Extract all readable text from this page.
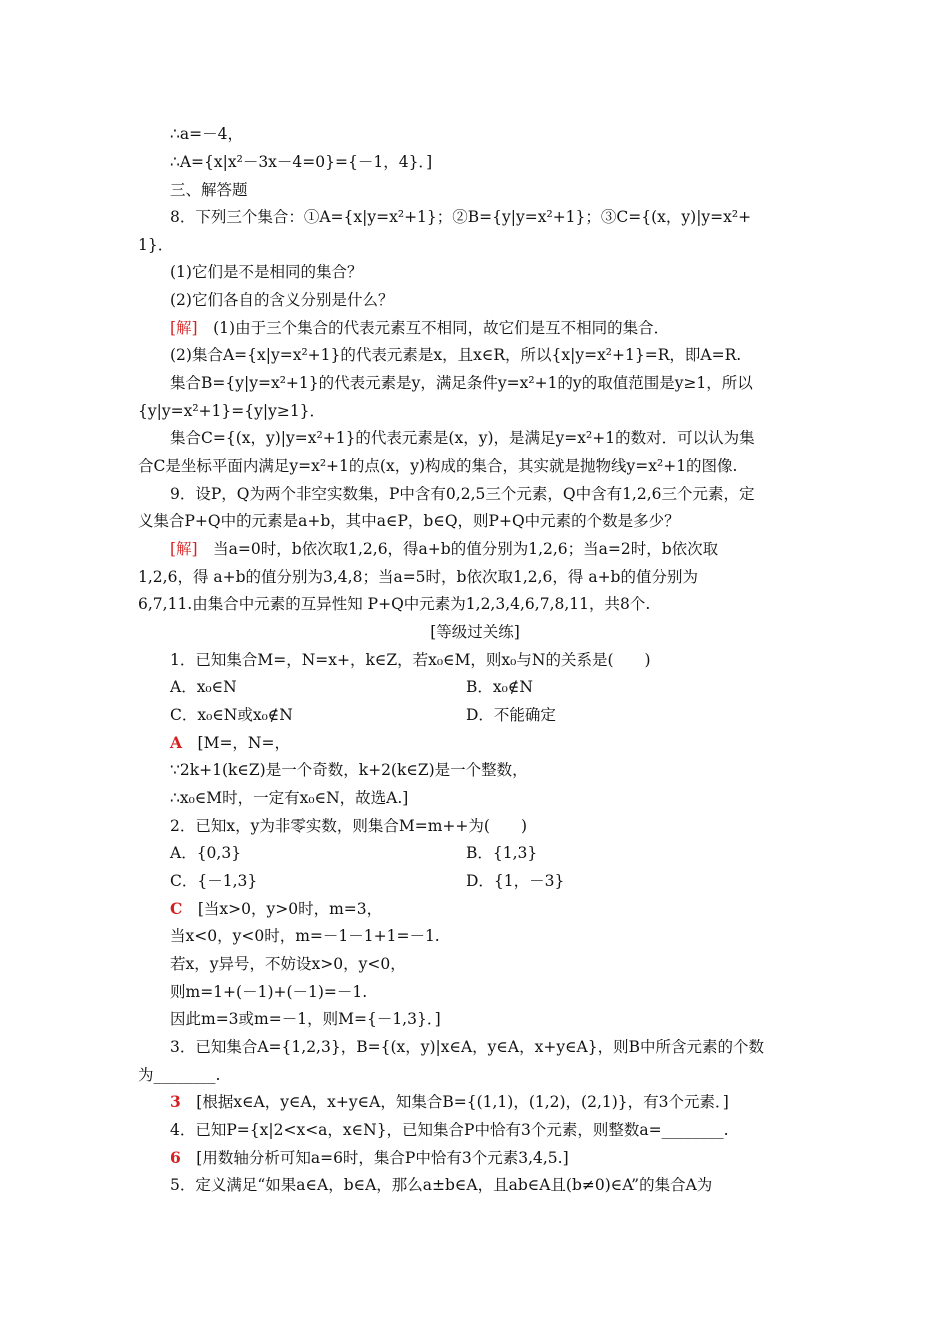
∴a=－4，
∴A={x|x²－3x－4=0}={－1，4}．]
三、解答题
8．下列三个集合：①A={x|y=x²+1}；②B={y|y=x²+1}；③C={(x，y)|y=x²+
1}．
(1)它们是不是相同的集合？
(2)它们各自的含义分别是什么？
[解]　(1)由于三个集合的代表元素互不相同，故它们是互不相同的集合．
(2)集合A={x|y=x²+1}的代表元素是x，且x∈R，所以{x|y=x²+1}=R，即A=R.
集合B={y|y=x²+1}的代表元素是y，满足条件y=x²+1的y的取值范围是y≥1，所以
{y|y=x²+1}={y|y≥1}．
集合C={(x，y)|y=x²+1}的代表元素是(x，y)，是满足y=x²+1的数对．可以认为集
合C是坐标平面内满足y=x²+1的点(x，y)构成的集合，其实就是抛物线y=x²+1的图像.
9．设P，Q为两个非空实数集，P中含有0,2,5三个元素，Q中含有1,2,6三个元素，定
义集合P+Q中的元素是a+b，其中a∈P，b∈Q，则P+Q中元素的个数是多少？
[解]　当a=0时，b依次取1,2,6，得a+b的值分别为1,2,6；当a=2时，b依次取
1,2,6，得 a+b的值分别为3,4,8；当a=5时，b依次取1,2,6，得 a+b的值分别为
6,7,11.由集合中元素的互异性知 P+Q中元素为1,2,3,4,6,7,8,11，共8个.
[等级过关练]
1．已知集合M=，N=x+，k∈Z，若x₀∈M，则x₀与N的关系是(　　)
A．x₀∈N	B．x₀∉N
C．x₀∈N或x₀∉N	D．不能确定
A　[M=，N=，
∵2k+1(k∈Z)是一个奇数，k+2(k∈Z)是一个整数，
∴x₀∈M时，一定有x₀∈N，故选A.]
2．已知x，y为非零实数，则集合M=m++为(　　)
A．{0,3}	B．{1,3}
C．{－1,3}	D．{1，－3}
C　[当x>0，y>0时，m=3，
当x<0，y<0时，m=－1－1+1=－1.
若x，y异号，不妨设x>0，y<0，
则m=1+(－1)+(－1)=－1.
因此m=3或m=－1，则M={－1,3}．]
3．已知集合A={1,2,3}，B={(x，y)|x∈A，y∈A，x+y∈A}，则B中所含元素的个数
为________.
3　[根据x∈A，y∈A，x+y∈A，知集合B={(1,1)，(1,2)，(2,1)}，有3个元素．]
4．已知P={x|2<x<a，x∈N}，已知集合P中恰有3个元素，则整数a=________.
6　[用数轴分析可知a=6时，集合P中恰有3个元素3,4,5.]
5．定义满足“如果a∈A，b∈A，那么a±b∈A，且ab∈A且(b≠0)∈A”的集合A为
